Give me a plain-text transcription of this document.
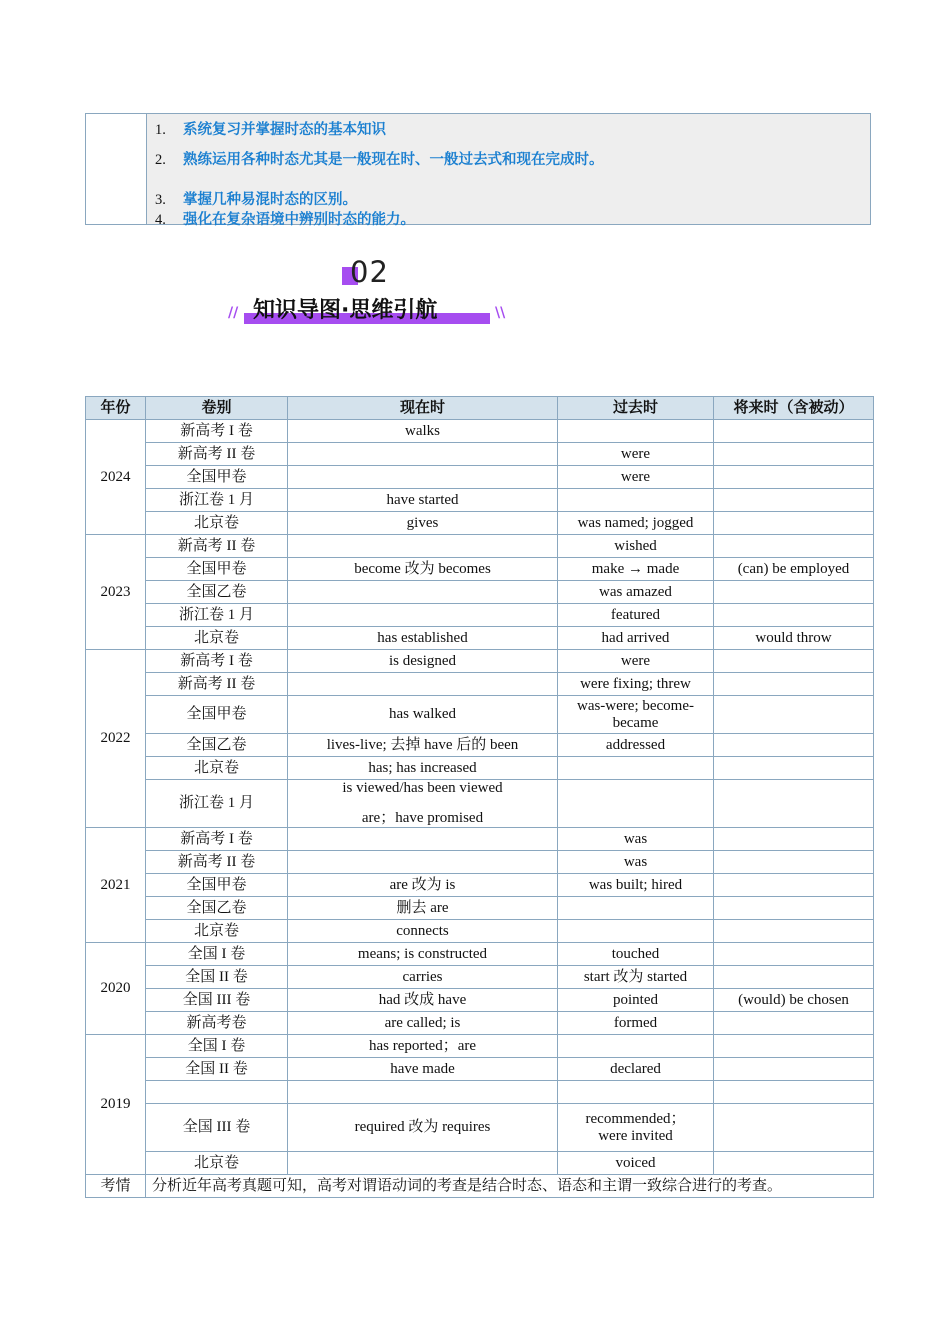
1. 系统复习并掌握时态的基本知识
2. 熟练运用各种时态尤其是一般现在时、一般过去式和现在完成时。
3. 掌握几种易混时态的区别。
4. 强化在复杂语境中辨别时态的能力。
02
// 知识导图·思维引航	\\
年份	卷别	现在时	过去时	将来时（含被动）
2024	新高考 I 卷	walks		
	新高考 II 卷		were	
	全国甲卷		were	
	浙江卷 1 月	have started		
	北京卷	gives	was named; jogged	
2023	新高考 II 卷		wished	
	全国甲卷	become 改为 becomes	make → made	(can) be employed
	全国乙卷		was amazed	
	浙江卷 1 月		featured	
	北京卷	has established	had arrived	would throw
2022	新高考 I 卷	is designed	were	
	新高考 II 卷		were fixing; threw	
	全国甲卷	has walked	was-were; become-became	
	全国乙卷	lives-live; 去掉 have 后的 been	addressed	
	北京卷	has; has increased		
	浙江卷 1 月	is viewed/has been viewed
are；have promised		

2021	新高考 I 卷		was	
	新高考 II 卷		was	
	全国甲卷	are 改为 is	was built; hired	
	全国乙卷	删去 are		
	北京卷	connects		
2020	全国 I 卷	means; is constructed	touched	
	全国 II 卷	carries	start 改为 started	
	全国 III 卷	had 改成 have	pointed	(would) be chosen
	新高考卷	are called; is	formed	
2019	全国 I 卷	has reported；are		
	全国 II 卷	have made	declared	

	全国 III 卷	required 改为 requires	recommended；
were invited	

	北京卷		voiced	
考情	分析近年高考真题可知，高考对谓语动词的考查是结合时态、语态和主谓一致综合进行的考查。			
